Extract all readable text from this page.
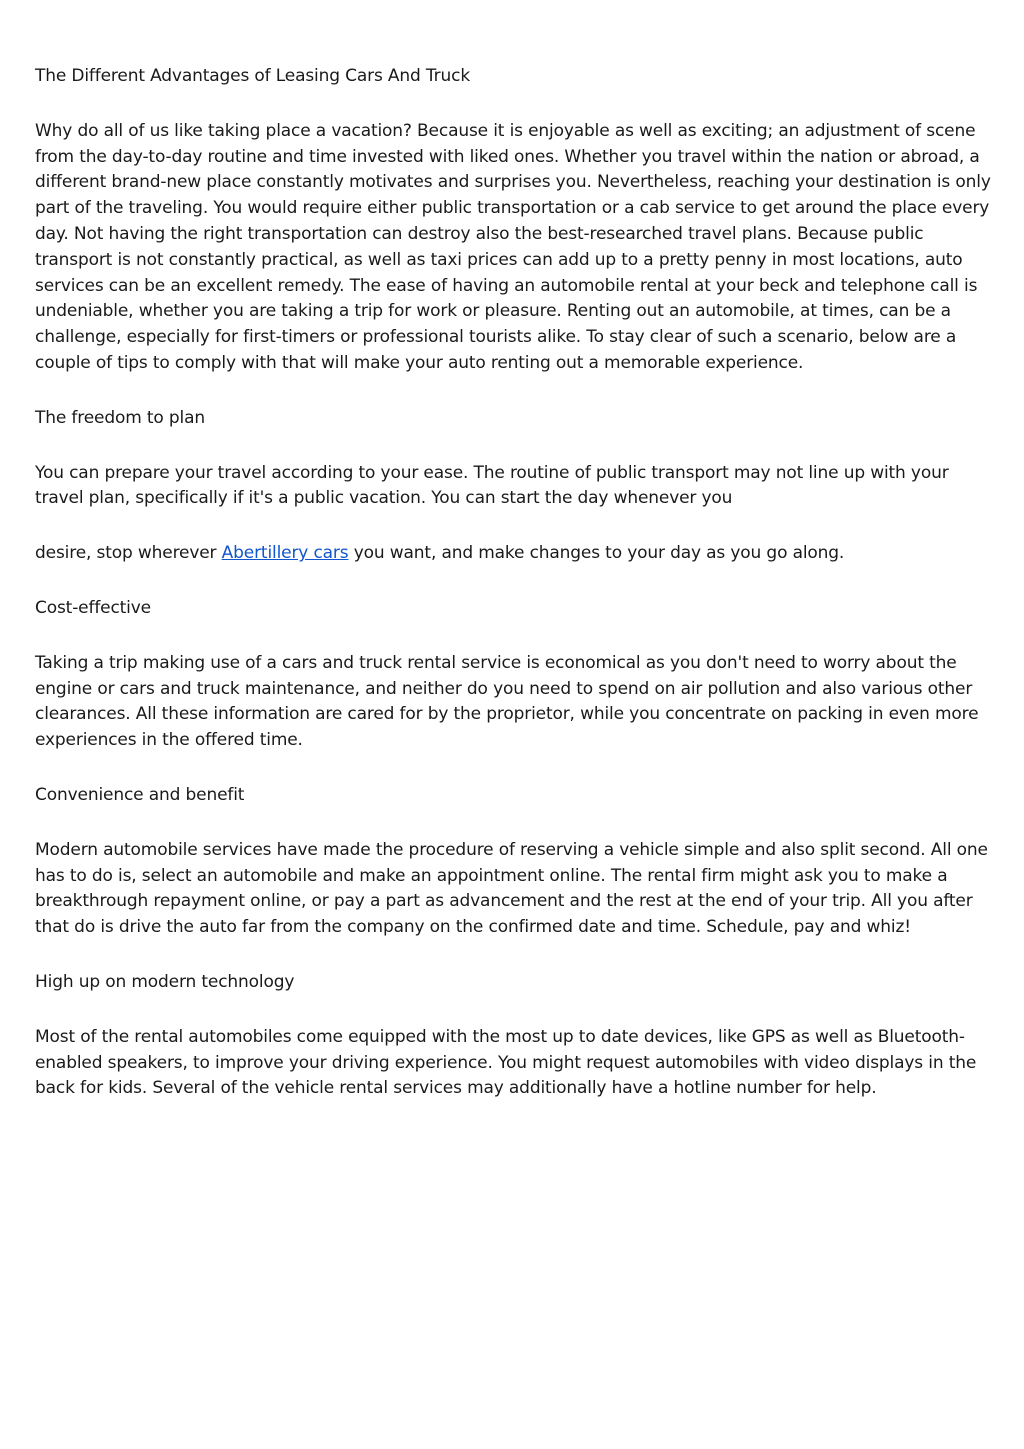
The Different Advantages of Leasing Cars And Truck

Why do all of us like taking place a vacation? Because it is enjoyable as well as exciting; an adjustment of scene from the day-to-day routine and time invested with liked ones. Whether you travel within the nation or abroad, a different brand-new place constantly motivates and surprises you. Nevertheless, reaching your destination is only part of the traveling. You would require either public transportation or a cab service to get around the place every day. Not having the right transportation can destroy also the best-researched travel plans. Because public transport is not constantly practical, as well as taxi prices can add up to a pretty penny in most locations, auto services can be an excellent remedy. The ease of having an automobile rental at your beck and telephone call is undeniable, whether you are taking a trip for work or pleasure. Renting out an automobile, at times, can be a challenge, especially for first-timers or professional tourists alike. To stay clear of such a scenario, below are a couple of tips to comply with that will make your auto renting out a memorable experience.

The freedom to plan

You can prepare your travel according to your ease. The routine of public transport may not line up with your travel plan, specifically if it's a public vacation. You can start the day whenever you

desire, stop wherever Abertillery cars you want, and make changes to your day as you go along.

Cost-effective

Taking a trip making use of a cars and truck rental service is economical as you don't need to worry about the engine or cars and truck maintenance, and neither do you need to spend on air pollution and also various other clearances. All these information are cared for by the proprietor, while you concentrate on packing in even more experiences in the offered time.

Convenience and benefit

Modern automobile services have made the procedure of reserving a vehicle simple and also split second. All one has to do is, select an automobile and make an appointment online. The rental firm might ask you to make a breakthrough repayment online, or pay a part as advancement and the rest at the end of your trip. All you after that do is drive the auto far from the company on the confirmed date and time. Schedule, pay and whiz!

High up on modern technology

Most of the rental automobiles come equipped with the most up to date devices, like GPS as well as Bluetooth-enabled speakers, to improve your driving experience. You might request automobiles with video displays in the back for kids. Several of the vehicle rental services may additionally have a hotline number for help.
